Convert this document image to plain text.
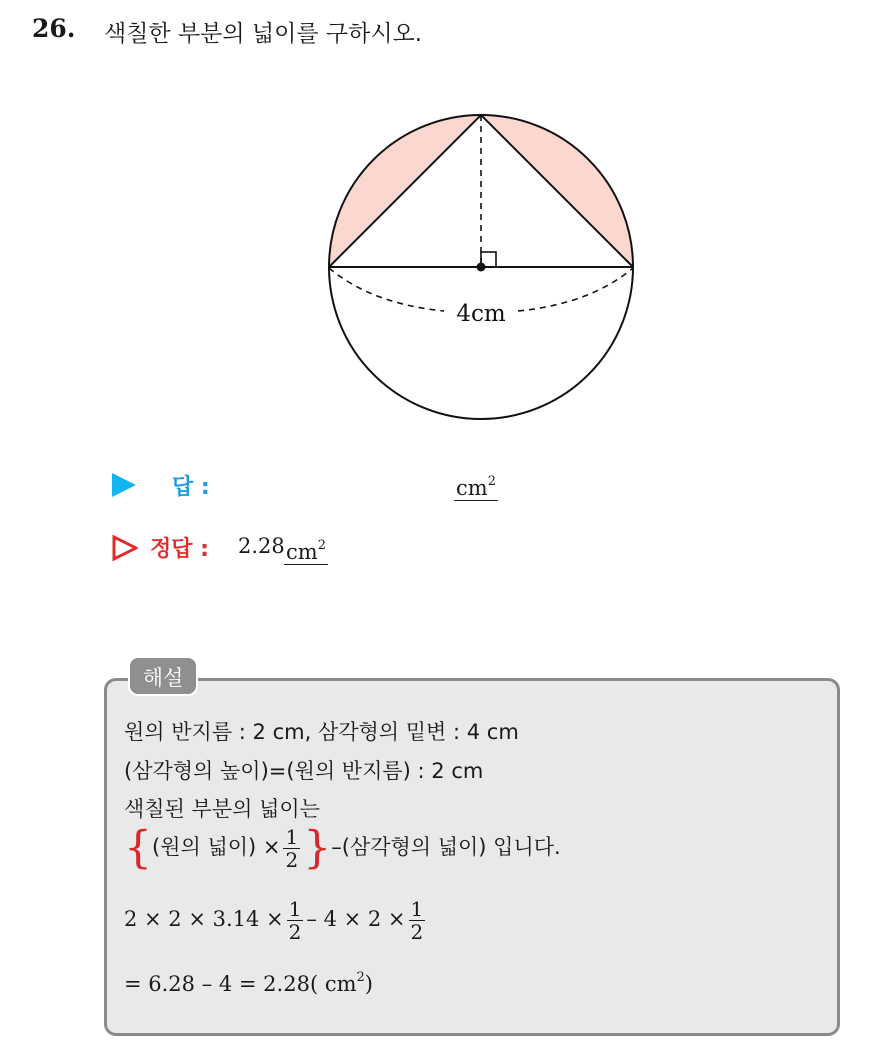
26. 색칠한 부분의 넓이를 구하시오.
4cm
답 :	$cm^2$
정답 : 2.28 $cm^2$
해설
원의 반지름 : 2 cm, 삼각형의 밑변 : 4 cm
(삼각형의 높이)=(원의 반지름) : 2 cm
색칠된 부분의 넓이는
{(원의 넓이) × $\frac{1}{2}$ }–(삼각형의 넓이) 입니다.
$2 \times 2 \times 3.14 \times \frac{1}{2} - 4 \times 2 \times \frac{1}{2}$
= 6.28 – 4 = 2.28( $cm^2$)
